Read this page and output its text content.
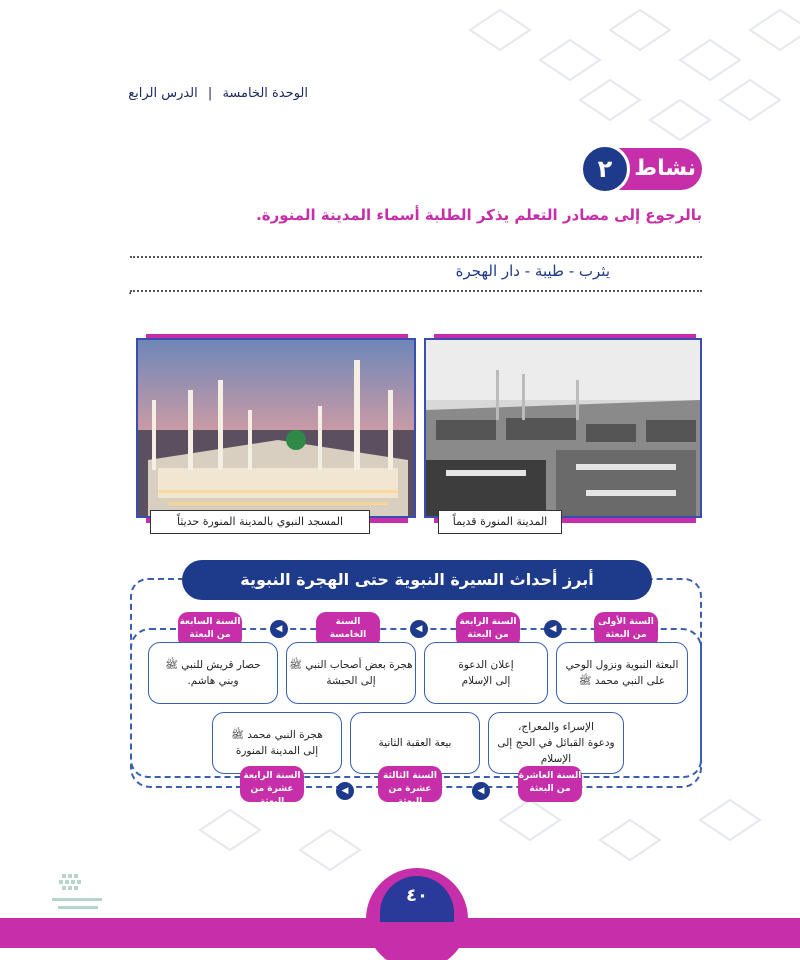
الوحدة الخامسة | الدرس الرابع
نشاط
٢
بالرجوع إلى مصادر التعلم يذكر الطلبة أسماء المدينة المنورة.
يثرب - طيبة - دار الهجرة
.
المسجد النبوي بالمدينة المنورة حديثاً	المدينة المنورة قديماً
أبرز أحداث السيرة النبوية حتى الهجرة النبوية
السنة الأولى
من البعثة
◀
السنة الرابعة
من البعثة
◀
السنة الخامسة
◀
السنة السابعة
من البعثة
البعثة النبوية ونزول الوحي
على النبي محمد ﷺ
إعلان الدعوة
إلى الإسلام
هجرة بعض أصحاب النبي ﷺ
إلى الحبشة
حصار قريش للنبي ﷺ
وبني هاشم.
الإسراء والمعراج،
ودعوة القبائل في الحج إلى
الإسلام
بيعة العقبة الثانية
هجرة النبي محمد ﷺ
إلى المدينة المنورة
السنة العاشرة
من البعثة
◀
السنة الثالثة
عشرة من البعثة
◀
السنة الرابعة
عشرة من البعثة
٤٠
